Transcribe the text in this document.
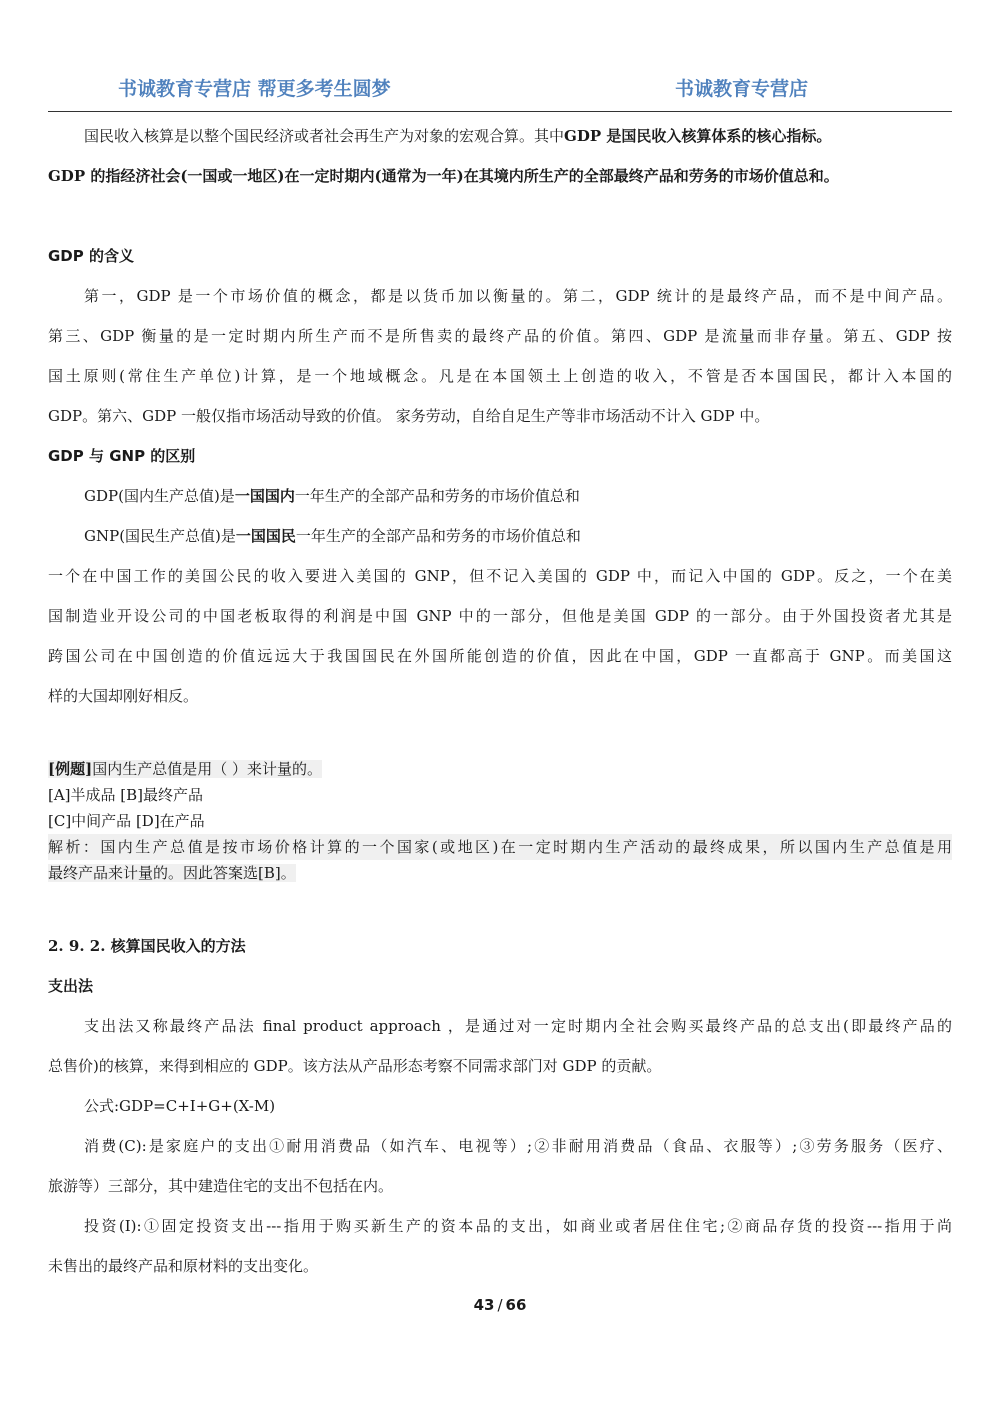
书诚教育专营店 帮更多考生圆梦	书诚教育专营店
国民收入核算是以整个国民经济或者社会再生产为对象的宏观合算。其中GDP 是国民收入核算体系的核心指标。
GDP 的指经济社会(一国或一地区)在一定时期内(通常为一年)在其境内所生产的全部最终产品和劳务的市场价值总和。
GDP 的含义
第一，GDP 是一个市场价值的概念，都是以货币加以衡量的。第二，GDP 统计的是最终产品，而不是中间产品。
第三、GDP 衡量的是一定时期内所生产而不是所售卖的最终产品的价值。第四、GDP 是流量而非存量。第五、GDP 按
国土原则(常住生产单位)计算，是一个地域概念。凡是在本国领土上创造的收入，不管是否本国国民，都计入本国的
GDP。第六、GDP 一般仅指市场活动导致的价值。 家务劳动，自给自足生产等非市场活动不计入 GDP 中。
GDP 与 GNP 的区别
GDP(国内生产总值)是一国国内一年生产的全部产品和劳务的市场价值总和
GNP(国民生产总值)是一国国民一年生产的全部产品和劳务的市场价值总和
一个在中国工作的美国公民的收入要进入美国的 GNP，但不记入美国的 GDP 中，而记入中国的 GDP。反之，一个在美
国制造业开设公司的中国老板取得的利润是中国 GNP 中的一部分，但他是美国 GDP 的一部分。由于外国投资者尤其是
跨国公司在中国创造的价值远远大于我国国民在外国所能创造的价值，因此在中国，GDP 一直都高于 GNP。而美国这
样的大国却刚好相反。
[例题]国内生产总值是用（ ）来计量的。
[A]半成品 [B]最终产品
[C]中间产品 [D]在产品
解析：国内生产总值是按市场价格计算的一个国家(或地区)在一定时期内生产活动的最终成果，所以国内生产总值是用
最终产品来计量的。因此答案选[B]。
2. 9. 2. 核算国民收入的方法
支出法
支出法又称最终产品法 final product approach ，是通过对一定时期内全社会购买最终产品的总支出(即最终产品的
总售价)的核算，来得到相应的 GDP。该方法从产品形态考察不同需求部门对 GDP 的贡献。
公式:GDP=C+I+G+(X-M)
消费(C):是家庭户的支出①耐用消费品（如汽车、电视等）;②非耐用消费品（食品、衣服等）;③劳务服务（医疗、
旅游等）三部分，其中建造住宅的支出不包括在内。
投资(I):①固定投资支出---指用于购买新生产的资本品的支出，如商业或者居住住宅;②商品存货的投资---指用于尚
未售出的最终产品和原材料的支出变化。
43 / 66
